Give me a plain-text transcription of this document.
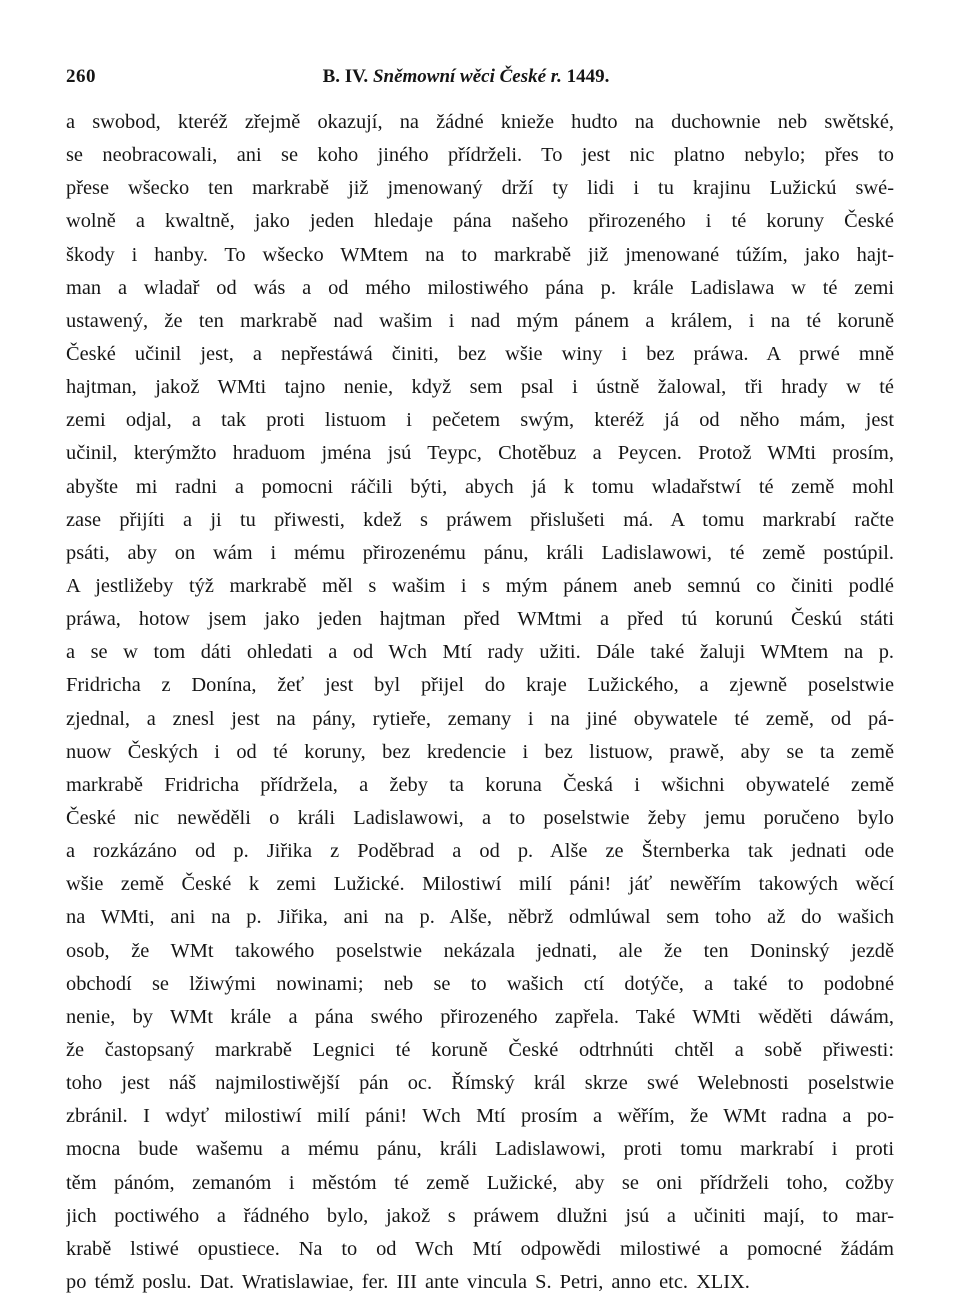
260	B. IV. Sněmowní wěci České r. 1449.
a swobod, kteréž zřejmě okazují, na žádné knieže hudto na duchownie neb swětské,
se neobracowali, ani se koho jiného přídrželi. To jest nic platno nebylo; přes to
přese wšecko ten markrabě již jmenowaný drží ty lidi i tu krajinu Lužickú swé-
wolně a kwaltně, jako jeden hledaje pána našeho přirozeného i té koruny České
škody i hanby. To wšecko WMtem na to markrabě již jmenowané túžím, jako hajt-
man a wladař od wás a od mého milostiwého pána p. krále Ladislawa w té zemi
ustawený, že ten markrabě nad wašim i nad mým pánem a králem, i na té koruně
České učinil jest, a nepřestáwá činiti, bez wšie winy i bez práwa. A prwé mně
hajtman, jakož WMti tajno nenie, když sem psal i ústně žalowal, tři hrady w té
zemi odjal, a tak proti listuom i pečetem swým, kteréž já od něho mám, jest
učinil, kterýmžto hraduom jména jsú Teypc, Chotěbuz a Peycen. Protož WMti prosím,
abyšte mi radni a pomocni ráčili býti, abych já k tomu wladařstwí té země mohl
zase přijíti a ji tu přiwesti, kdež s práwem přislušeti má. A tomu markrabí račte
psáti, aby on wám i mému přirozenému pánu, králi Ladislawowi, té země postúpil.
A jestližeby týž markrabě měl s wašim i s mým pánem aneb semnú co činiti podlé
práwa, hotow jsem jako jeden hajtman před WMtmi a před tú korunú Českú státi
a se w tom dáti ohledati a od Wch Mtí rady užiti. Dále také žaluji WMtem na p.
Fridricha z Donína, žeť jest byl přijel do kraje Lužického, a zjewně poselstwie
zjednal, a znesl jest na pány, rytieře, zemany i na jiné obywatele té země, od pá-
nuow Českých i od té koruny, bez kredencie i bez listuow, prawě, aby se ta země
markrabě Fridricha přídržela, a žeby ta koruna Česká i wšichni obywatelé země
České nic newěděli o králi Ladislawowi, a to poselstwie žeby jemu poručeno bylo
a rozkázáno od p. Jiřika z Poděbrad a od p. Alše ze Šternberka tak jednati ode
wšie země České k zemi Lužické. Milostiwí milí páni! jáť newěřím takowých wěcí
na WMti, ani na p. Jiřika, ani na p. Alše, něbrž odmlúwal sem toho až do wašich
osob, že WMt takowého poselstwie nekázala jednati, ale že ten Doninský jezdě
obchodí se lžiwými nowinami; neb se to wašich ctí dotýče, a také to podobné
nenie, by WMt krále a pána swého přirozeného zapřela. Také WMti wěděti dáwám,
že častopsaný markrabě Legnici té koruně České odtrhnúti chtěl a sobě přiwesti:
toho jest náš najmilostiwější pán oc. Římský král skrze swé Welebnosti poselstwie
zbránil. I wdyť milostiwí milí páni! Wch Mtí prosím a wěřím, že WMt radna a po-
mocna bude wašemu a mému pánu, králi Ladislawowi, proti tomu markrabí i proti
těm pánóm, zemanóm i městóm té země Lužické, aby se oni přídrželi toho, cožby
jich poctiwého a řádného bylo, jakož s práwem dlužni jsú a učiniti mají, to mar-
krabě lstiwé opustiece. Na to od Wch Mtí odpowědi milostiwé a pomocné žádám
po témž poslu. Dat. Wratislawiae, fer. III ante vincula S. Petri, anno etc. XLIX.
